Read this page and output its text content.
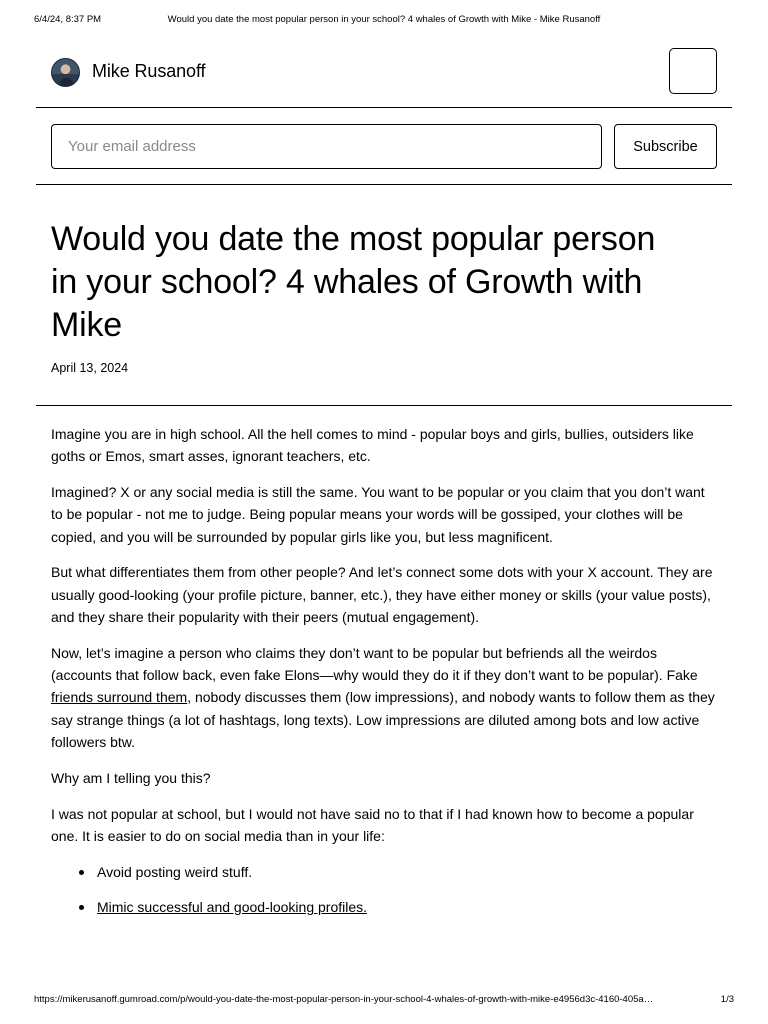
6/4/24, 8:37 PM	Would you date the most popular person in your school? 4 whales of Growth with Mike - Mike Rusanoff
Mike Rusanoff
Your email address
Subscribe
Would you date the most popular person in your school? 4 whales of Growth with Mike
April 13, 2024

Imagine you are in high school. All the hell comes to mind - popular boys and girls, bullies, outsiders like goths or Emos, smart asses, ignorant teachers, etc.

Imagined? X or any social media is still the same. You want to be popular or you claim that you don’t want to be popular - not me to judge. Being popular means your words will be gossiped, your clothes will be copied, and you will be surrounded by popular girls like you, but less magnificent.

But what differentiates them from other people? And let’s connect some dots with your X account. They are usually good-looking (your profile picture, banner, etc.), they have either money or skills (your value posts), and they share their popularity with their peers (mutual engagement).

Now, let’s imagine a person who claims they don’t want to be popular but befriends all the weirdos (accounts that follow back, even fake Elons—why would they do it if they don’t want to be popular). Fake friends surround them, nobody discusses them (low impressions), and nobody wants to follow them as they say strange things (a lot of hashtags, long texts). Low impressions are diluted among bots and low active followers btw.

Why am I telling you this?

I was not popular at school, but I would not have said no to that if I had known how to become a popular one. It is easier to do on social media than in your life:

Avoid posting weird stuff.
Mimic successful and good-looking profiles.
https://mikerusanoff.gumroad.com/p/would-you-date-the-most-popular-person-in-your-school-4-whales-of-growth-with-mike-e4956d3c-4160-405a…	1/3
